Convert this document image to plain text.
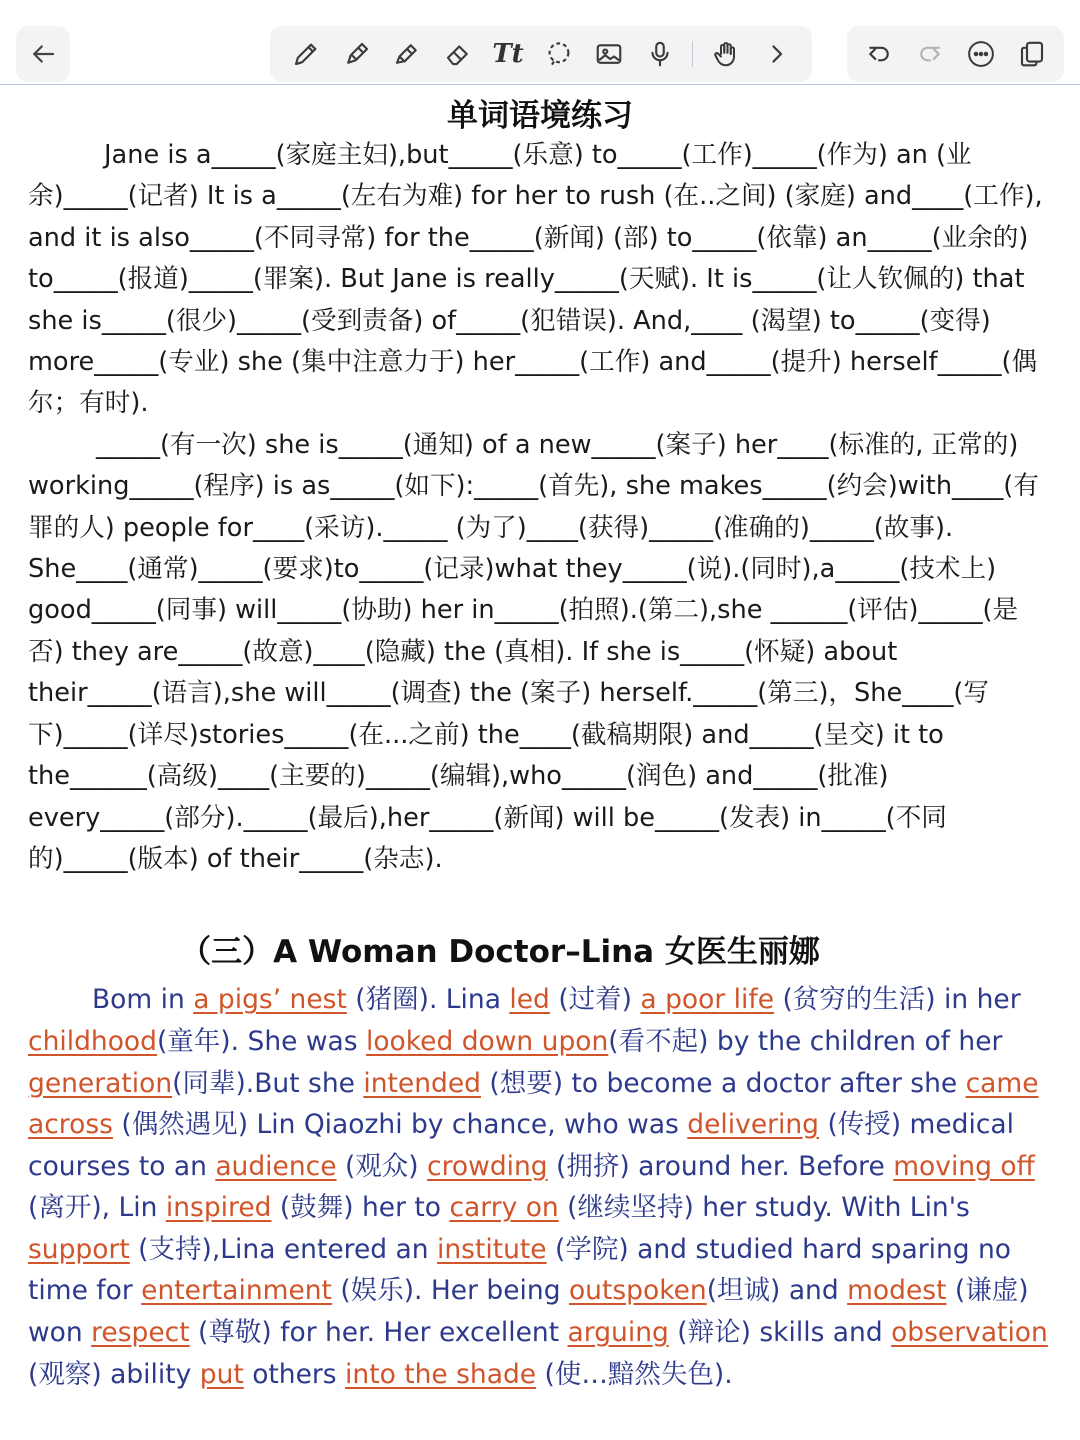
Tt
单词语境练习

Jane is a_____(家庭主妇),but_____(乐意) to_____(工作)_____(作为) an (业余)_____(记者) It is a_____(左右为难) for her to rush (在..之间) (家庭) and____(工作), and it is also_____(不同寻常) for the_____(新闻) (部) to_____(依靠) an_____(业余的) to_____(报道)_____(罪案). But Jane is really_____(天赋). It is_____(让人钦佩的) that she is_____(很少)_____(受到责备) of_____(犯错误). And,____ (渴望) to_____(变得) more_____(专业) she (集中注意力于) her_____(工作) and_____(提升) herself_____(偶尔；有时).

_____(有一次) she is_____(通知) of a new_____(案子) her____(标准的, 正常的) working_____(程序) is as_____(如下):_____(首先), she makes_____(约会)with____(有罪的人) people for____(采访)._____ (为了)____(获得)_____(准确的)_____(故事). She____(通常)_____(要求)to_____(记录)what they_____(说).(同时),a_____(技术上) good_____(同事) will_____(协助) her in_____(拍照).(第二),she ______(评估)_____(是否) they are_____(故意)____(隐藏) the (真相). If she is_____(怀疑) about their_____(语言),she will_____(调查) the (案子) herself._____(第三)，She____(写下)_____(详尽)stories_____(在...之前) the____(截稿期限) and_____(呈交) it to the______(高级)____(主要的)_____(编辑),who_____(润色) and_____(批准) every_____(部分)._____(最后),her_____(新闻) will be_____(发表) in_____(不同的)_____(版本) of their_____(杂志).

（三）A Woman Doctor–Lina 女医生丽娜
Bom in a pigs’ nest (猪圈). Lina led (过着) a poor life (贫穷的生活) in her childhood(童年). She was looked down upon(看不起) by the children of her generation(同辈).But she intended (想要) to become a doctor after she came across (偶然遇见) Lin Qiaozhi by chance, who was delivering (传授) medical courses to an audience (观众) crowding (拥挤) around her. Before moving off (离开), Lin inspired (鼓舞) her to carry on (继续坚持) her study. With Lin's support (支持),Lina entered an institute (学院) and studied hard sparing no time for entertainment (娱乐). Her being outspoken(坦诚) and modest (谦虚) won respect (尊敬) for her. Her excellent arguing (辩论) skills and observation (观察) ability put others into the shade (使…黯然失色).
